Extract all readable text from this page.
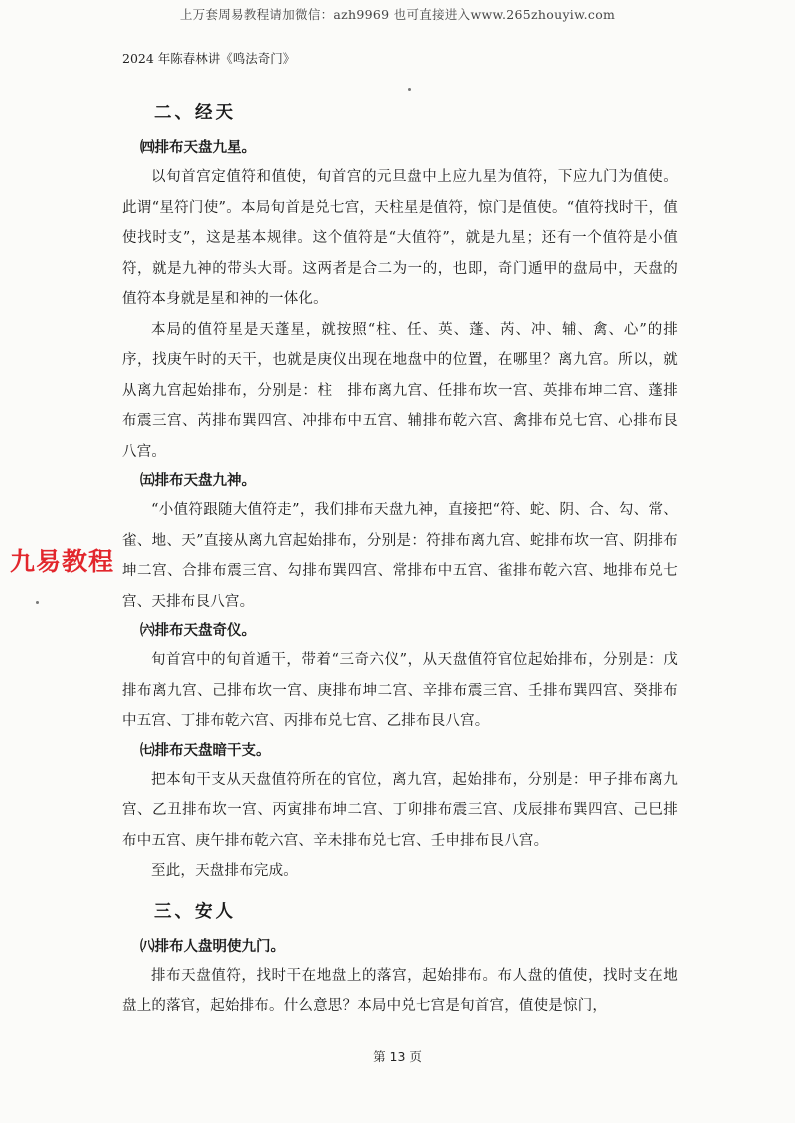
上万套周易教程请加微信：azh9969 也可直接进入www.265zhouyiw.com
2024 年陈春林讲《鸣法奇门》
二、经天
㈣排布天盘九星。

以旬首宫定值符和值使，旬首宫的元旦盘中上应九星为值符，下应九门为值使。此谓“星符门使”。本局旬首是兑七宫，天柱星是值符，惊门是值使。“值符找时干，值使找时支”，这是基本规律。这个值符是“大值符”，就是九星；还有一个值符是小值符，就是九神的带头大哥。这两者是合二为一的，也即，奇门遁甲的盘局中，天盘的值符本身就是星和神的一体化。

本局的值符星是天蓬星，就按照“柱、任、英、蓬、芮、冲、辅、禽、心”的排序，找庚午时的天干，也就是庚仪出现在地盘中的位置，在哪里？离九宫。所以，就从离九宫起始排布，分别是：柱　排布离九宫、任排布坎一宫、英排布坤二宫、蓬排布震三宫、芮排布巽四宫、冲排布中五宫、辅排布乾六宫、禽排布兑七宫、心排布艮八宫。

㈤排布天盘九神。

“小值符跟随大值符走”，我们排布天盘九神，直接把“符、蛇、阴、合、勾、常、雀、地、天”直接从离九宫起始排布，分别是：符排布离九宫、蛇排布坎一宫、阴排布坤二宫、合排布震三宫、勾排布巽四宫、常排布中五宫、雀排布乾六宫、地排布兑七宫、天排布艮八宫。

㈥排布天盘奇仪。

旬首宫中的旬首遁干，带着“三奇六仪”，从天盘值符官位起始排布，分别是：戊排布离九宫、己排布坎一宫、庚排布坤二宫、辛排布震三宫、壬排布巽四宫、癸排布中五宫、丁排布乾六宫、丙排布兑七宫、乙排布艮八宫。

㈦排布天盘暗干支。

把本旬干支从天盘值符所在的官位，离九宫，起始排布，分别是：甲子排布离九宫、乙丑排布坎一宫、丙寅排布坤二宫、丁卯排布震三宫、戊辰排布巽四宫、己巳排布中五宫、庚午排布乾六宫、辛未排布兑七宫、壬申排布艮八宫。

至此，天盘排布完成。

三、安人
㈧排布人盘明使九门。

排布天盘值符，找时干在地盘上的落宫，起始排布。布人盘的值使，找时支在地盘上的落官，起始排布。什么意思？本局中兑七宫是旬首宫，值使是惊门，

九易教程
第 13 页
